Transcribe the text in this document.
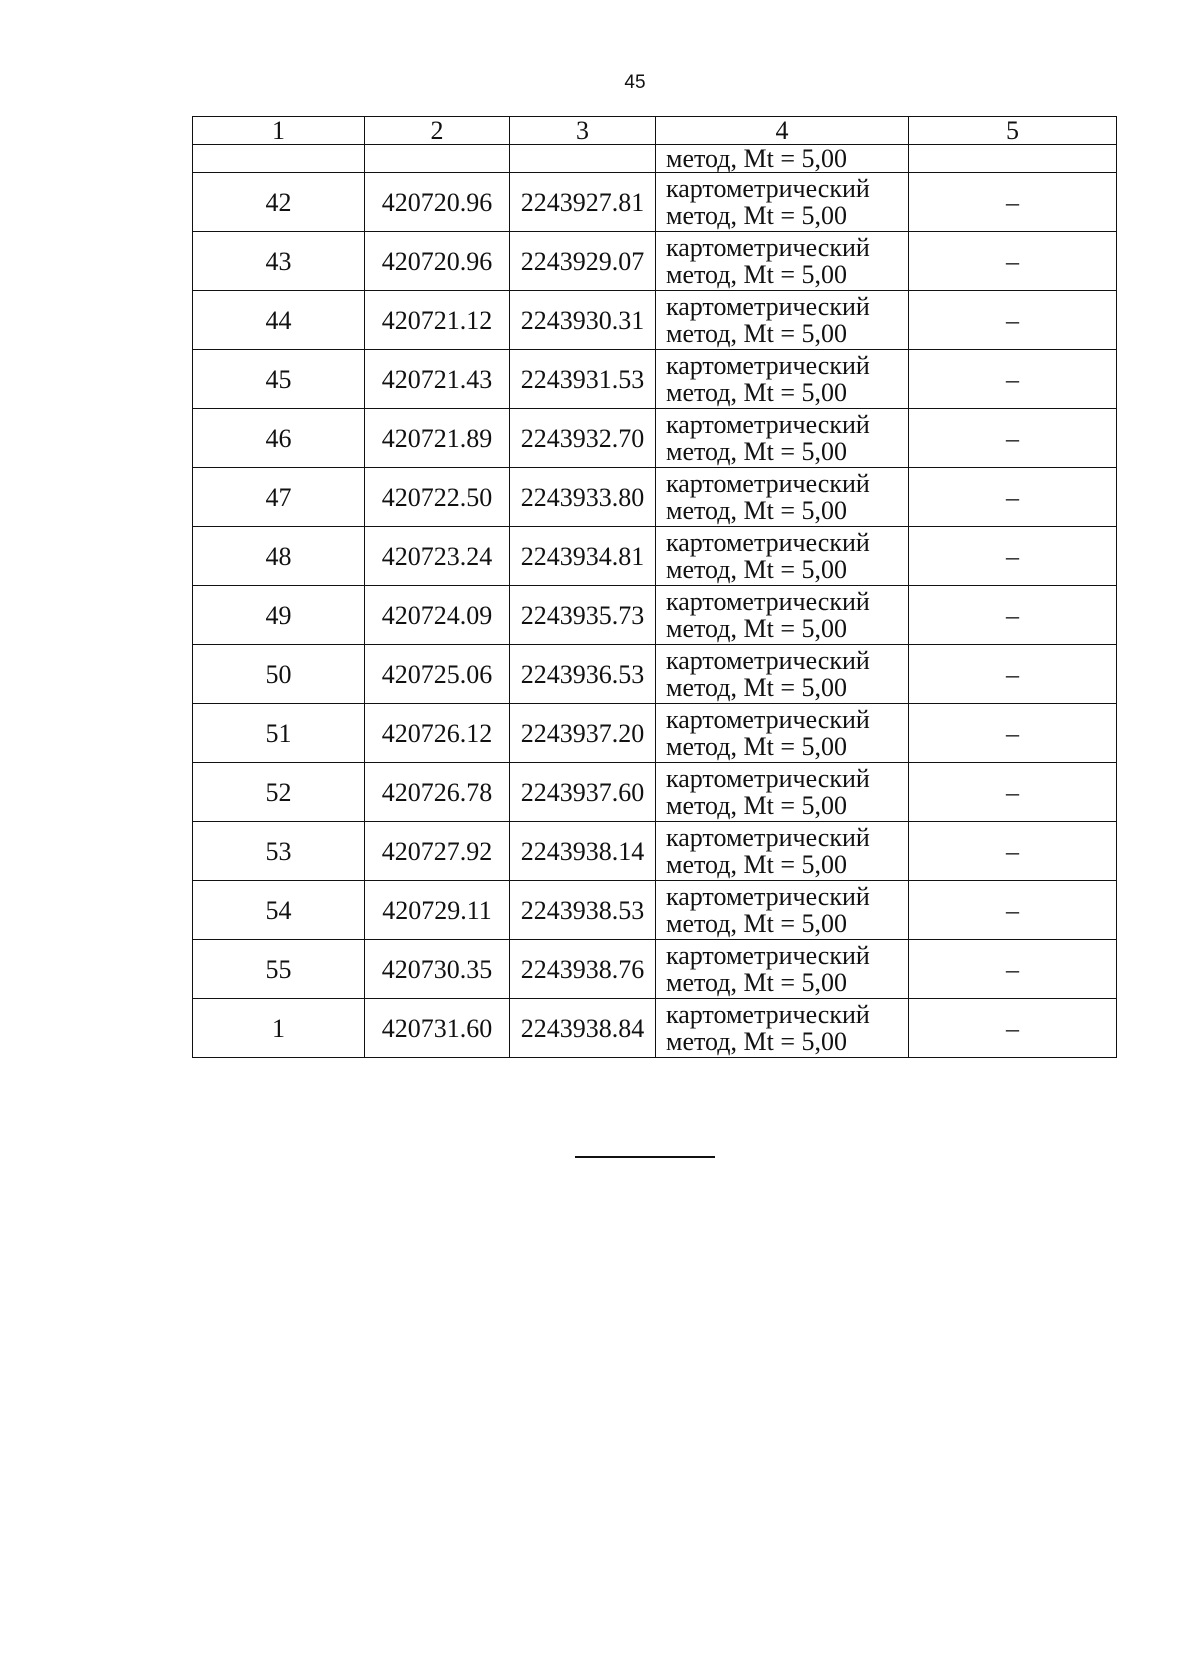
45
1	2	3	4	5
			метод, Mt = 5,00	
42	420720.96	2243927.81	картометрический
метод, Mt = 5,00	–
43	420720.96	2243929.07	картометрический
метод, Mt = 5,00	–
44	420721.12	2243930.31	картометрический
метод, Mt = 5,00	–
45	420721.43	2243931.53	картометрический
метод, Mt = 5,00	–
46	420721.89	2243932.70	картометрический
метод, Mt = 5,00	–
47	420722.50	2243933.80	картометрический
метод, Mt = 5,00	–
48	420723.24	2243934.81	картометрический
метод, Mt = 5,00	–
49	420724.09	2243935.73	картометрический
метод, Mt = 5,00	–
50	420725.06	2243936.53	картометрический
метод, Mt = 5,00	–
51	420726.12	2243937.20	картометрический
метод, Mt = 5,00	–
52	420726.78	2243937.60	картометрический
метод, Mt = 5,00	–
53	420727.92	2243938.14	картометрический
метод, Mt = 5,00	–
54	420729.11	2243938.53	картометрический
метод, Mt = 5,00	–
55	420730.35	2243938.76	картометрический
метод, Mt = 5,00	–
1	420731.60	2243938.84	картометрический
метод, Mt = 5,00	–
